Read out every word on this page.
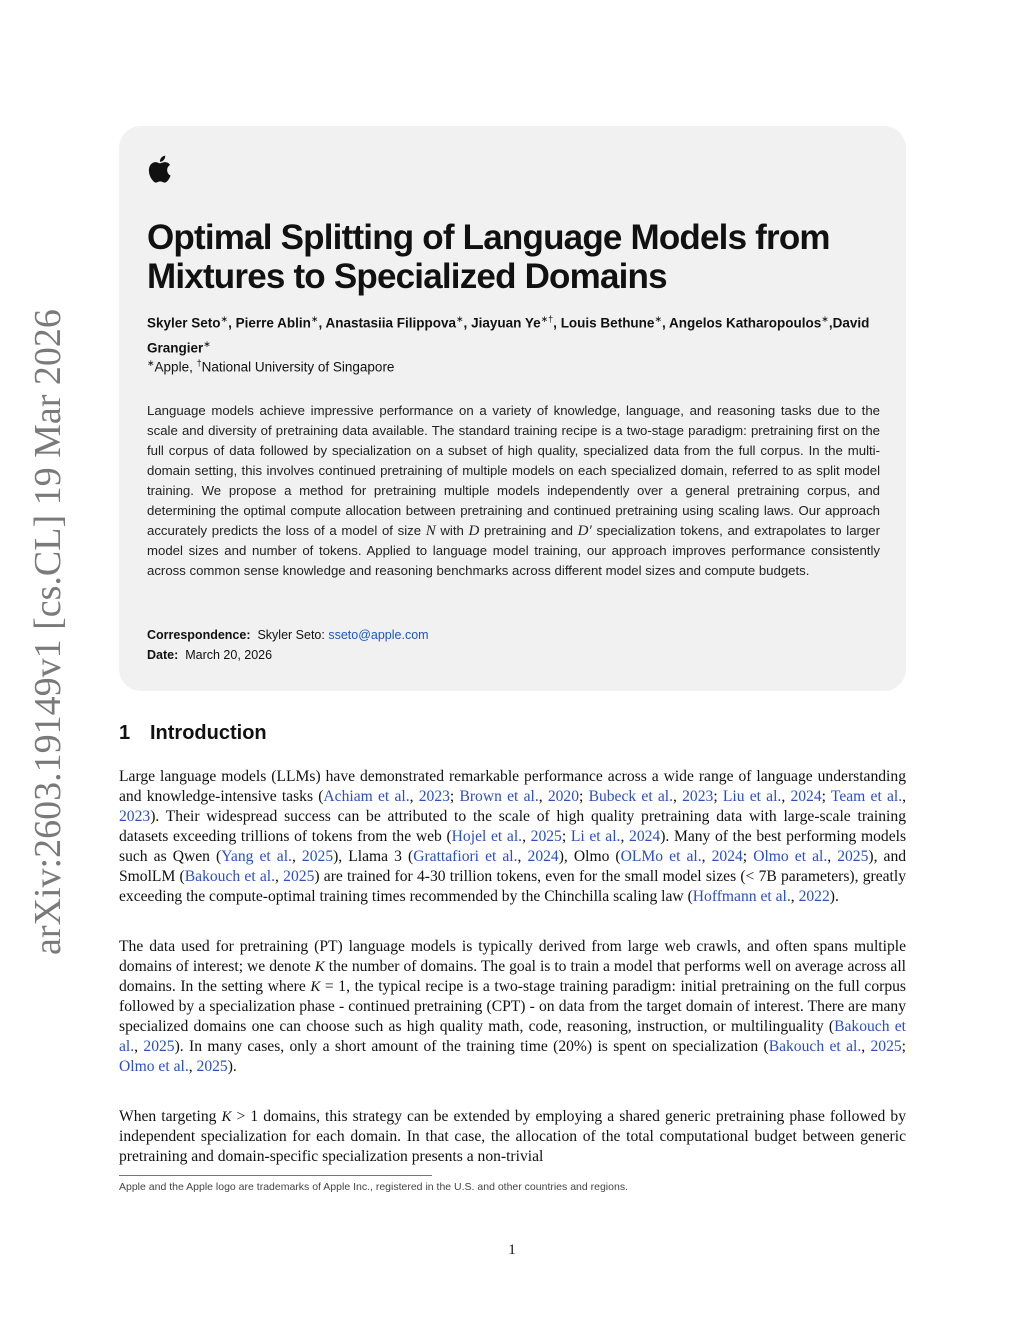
arXiv:2603.19149v1 [cs.CL] 19 Mar 2026
Optimal Splitting of Language Models from
Mixtures to Specialized Domains
Skyler Seto∗, Pierre Ablin∗, Anastasiia Filippova∗, Jiayuan Ye∗†, Louis Bethune∗, Angelos Katharopoulos∗,David Grangier∗
∗Apple, †National University of Singapore

Language models achieve impressive performance on a variety of knowledge, language, and reasoning tasks due to the scale and diversity of pretraining data available. The standard training recipe is a two-stage paradigm: pretraining first on the full corpus of data followed by specialization on a subset of high quality, specialized data from the full corpus. In the multi-domain setting, this involves continued pretraining of multiple models on each specialized domain, referred to as split model training. We propose a method for pretraining multiple models independently over a general pretraining corpus, and determining the optimal compute allocation between pretraining and continued pretraining using scaling laws. Our approach accurately predicts the loss of a model of size N with D pretraining and D′ specialization tokens, and extrapolates to larger model sizes and number of tokens. Applied to language model training, our approach improves performance consistently across common sense knowledge and reasoning benchmarks across different model sizes and compute budgets.

Correspondence: Skyler Seto: sseto@apple.com
Date: March 20, 2026
1 Introduction

Large language models (LLMs) have demonstrated remarkable performance across a wide range of language understanding and knowledge-intensive tasks (Achiam et al., 2023; Brown et al., 2020; Bubeck et al., 2023; Liu et al., 2024; Team et al., 2023). Their widespread success can be attributed to the scale of high quality pretraining data with large-scale training datasets exceeding trillions of tokens from the web (Hojel et al., 2025; Li et al., 2024). Many of the best performing models such as Qwen (Yang et al., 2025), Llama 3 (Grattafiori et al., 2024), Olmo (OLMo et al., 2024; Olmo et al., 2025), and SmolLM (Bakouch et al., 2025) are trained for 4-30 trillion tokens, even for the small model sizes (< 7B parameters), greatly exceeding the compute-optimal training times recommended by the Chinchilla scaling law (Hoffmann et al., 2022).

The data used for pretraining (PT) language models is typically derived from large web crawls, and often spans multiple domains of interest; we denote K the number of domains. The goal is to train a model that performs well on average across all domains. In the setting where K = 1, the typical recipe is a two-stage training paradigm: initial pretraining on the full corpus followed by a specialization phase - continued pretraining (CPT) - on data from the target domain of interest. There are many specialized domains one can choose such as high quality math, code, reasoning, instruction, or multilinguality (Bakouch et al., 2025). In many cases, only a short amount of the training time (20%) is spent on specialization (Bakouch et al., 2025; Olmo et al., 2025).

When targeting K > 1 domains, this strategy can be extended by employing a shared generic pretraining phase followed by independent specialization for each domain. In that case, the allocation of the total computational budget between generic pretraining and domain-specific specialization presents a non-trivial

Apple and the Apple logo are trademarks of Apple Inc., registered in the U.S. and other countries and regions.
1
